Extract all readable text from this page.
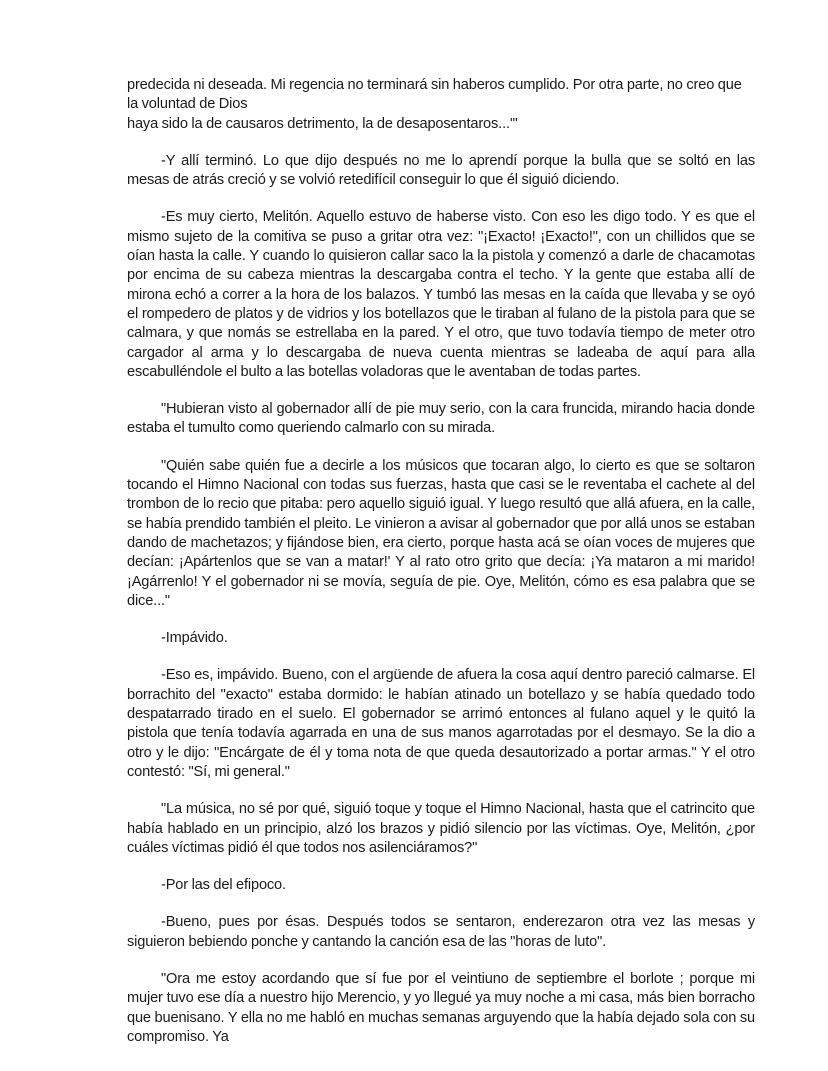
predecida ni deseada. Mi regencia no terminará sin haberos cumplido. Por otra parte, no creo que la voluntad de Dios
haya sido la de causaros detrimento, la de desaposentaros...'"

-Y allí terminó. Lo que dijo después no me lo aprendí porque la bulla que se soltó en las mesas de atrás creció y se volvió retedifícil conseguir lo que él siguió diciendo.

-Es muy cierto, Melitón. Aquello estuvo de haberse visto. Con eso les digo todo. Y es que el mismo sujeto de la comitiva se puso a gritar otra vez: "¡Exacto! ¡Exacto!", con un chillidos que se oían hasta la calle. Y cuando lo quisieron callar saco la la pistola y comenzó a darle de chacamotas por encima de su cabeza mientras la descargaba contra el techo. Y la gente que estaba allí de mirona echó a correr a la hora de los balazos. Y tumbó las mesas en la caída que llevaba y se oyó el rompedero de platos y de vidrios y los botellazos que le tiraban al fulano de la pistola para que se calmara, y que nomás se estrellaba en la pared. Y el otro, que tuvo todavía tiempo de meter otro cargador al arma y lo descargaba de nueva cuenta mientras se ladeaba de aquí para alla escabulléndole el bulto a las botellas voladoras que le aventaban de todas partes.

"Hubieran visto al gobernador allí de pie muy serio, con la cara fruncida, mirando hacia donde estaba el tumulto como queriendo calmarlo con su mirada.

"Quién sabe quién fue a decirle a los músicos que tocaran algo, lo cierto es que se soltaron tocando el Himno Nacional con todas sus fuerzas, hasta que casi se le reventaba el cachete al del trombon de lo recio que pitaba: pero aquello siguió igual. Y luego resultó que allá afuera, en la calle, se había prendido también el pleito. Le vinieron a avisar al gobernador que por allá unos se estaban dando de machetazos; y fijándose bien, era cierto, porque hasta acá se oían voces de mujeres que decían: ¡Apártenlos que se van a matar!' Y al rato otro grito que decía: ¡Ya mataron a mi marido! ¡Agárrenlo! Y el gobernador ni se movía, seguía de pie. Oye, Melitón, cómo es esa palabra que se dice..."

-Impávido.

-Eso es, impávido. Bueno, con el argüende de afuera la cosa aquí dentro pareció calmarse. El borrachito del "exacto" estaba dormido: le habían atinado un botellazo y se había quedado todo despatarrado tirado en el suelo. El gobernador se arrimó entonces al fulano aquel y le quitó la pistola que tenía todavía agarrada en una de sus manos agarrotadas por el desmayo. Se la dio a otro y le dijo: "Encárgate de él y toma nota de que queda desautorizado a portar armas." Y el otro contestó: "Sí, mi general."

"La música, no sé por qué, siguió toque y toque el Himno Nacional, hasta que el catrincito que había hablado en un principio, alzó los brazos y pidió silencio por las víctimas. Oye, Melitón, ¿por cuáles víctimas pidió él que todos nos asilenciáramos?"

-Por las del efipoco.

-Bueno, pues por ésas. Después todos se sentaron, enderezaron otra vez las mesas y siguieron bebiendo ponche y cantando la canción esa de las "horas de luto".

"Ora me estoy acordando que sí fue por el veintiuno de septiembre el borlote ; porque mi mujer tuvo ese día a nuestro hijo Merencio, y yo llegué ya muy noche a mi casa, más bien borracho que buenisano. Y ella no me habló en muchas semanas arguyendo que la había dejado sola con su compromiso. Ya
